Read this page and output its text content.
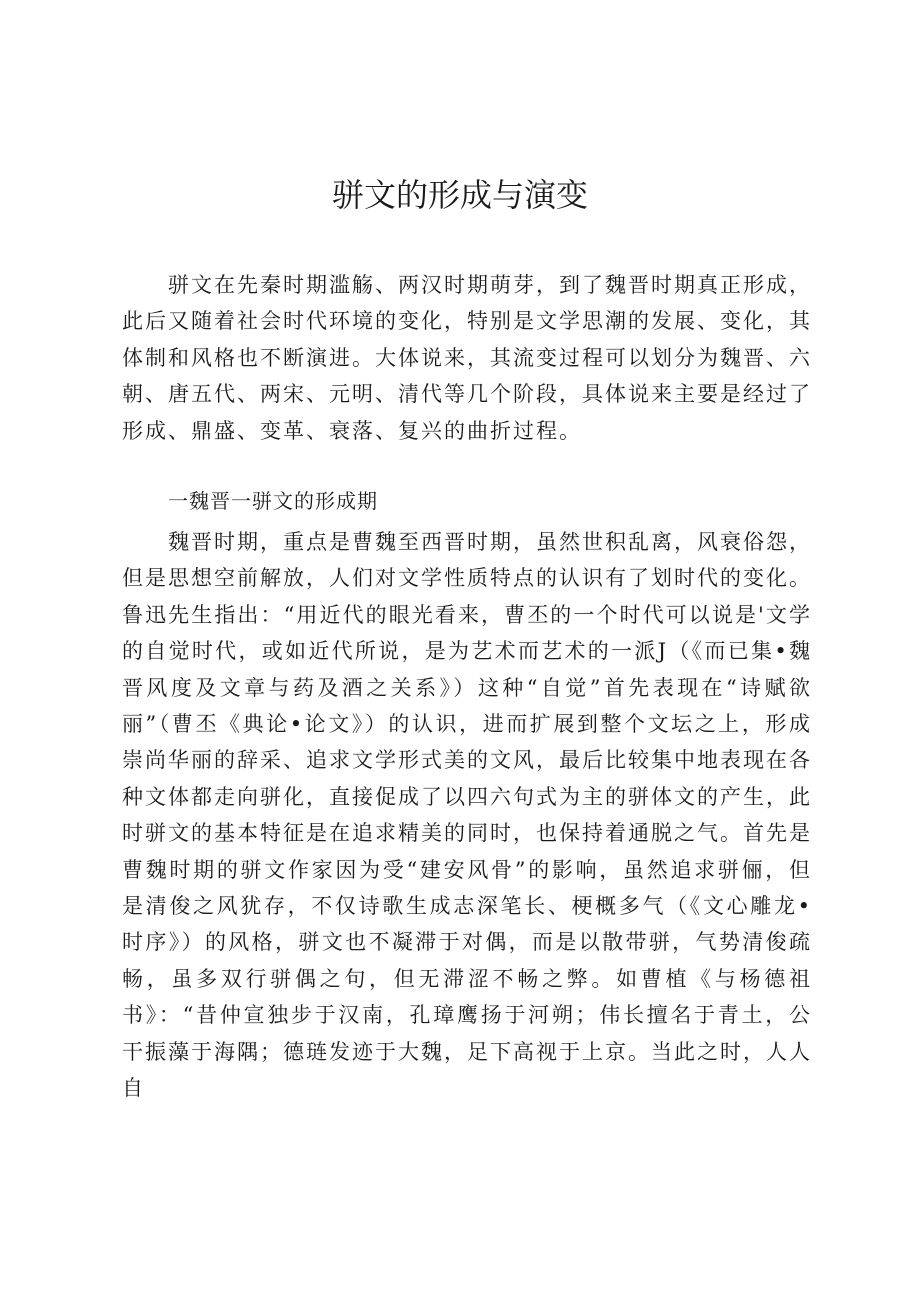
骈文的形成与演变

骈文在先秦时期滥觞、两汉时期萌芽，到了魏晋时期真正形成，此后又随着社会时代环境的变化，特别是文学思潮的发展、变化，其体制和风格也不断演进。大体说来，其流变过程可以划分为魏晋、六朝、唐五代、两宋、元明、清代等几个阶段，具体说来主要是经过了形成、鼎盛、变革、衰落、复兴的曲折过程。

一魏晋一骈文的形成期

魏晋时期，重点是曹魏至西晋时期，虽然世积乱离，风衰俗怨，但是思想空前解放，人们对文学性质特点的认识有了划时代的变化。鲁迅先生指出：“用近代的眼光看来，曹丕的一个时代可以说是'文学的自觉时代，或如近代所说，是为艺术而艺术的一派J（《而已集•魏晋风度及文章与药及酒之关系》）这种“自觉”首先表现在“诗赋欲丽”（曹丕《典论•论文》）的认识，进而扩展到整个文坛之上，形成崇尚华丽的辞采、追求文学形式美的文风，最后比较集中地表现在各种文体都走向骈化，直接促成了以四六句式为主的骈体文的产生，此时骈文的基本特征是在追求精美的同时，也保持着通脱之气。首先是曹魏时期的骈文作家因为受“建安风骨”的影响，虽然追求骈俪，但是清俊之风犹存，不仅诗歌生成志深笔长、梗概多气（《文心雕龙•时序》）的风格，骈文也不凝滞于对偶，而是以散带骈，气势清俊疏畅，虽多双行骈偶之句，但无滞涩不畅之弊。如曹植《与杨德祖书》：“昔仲宣独步于汉南，孔璋鹰扬于河朔；伟长擅名于青土，公干振藻于海隅；德琏发迹于大魏，足下高视于上京。当此之时，人人自
